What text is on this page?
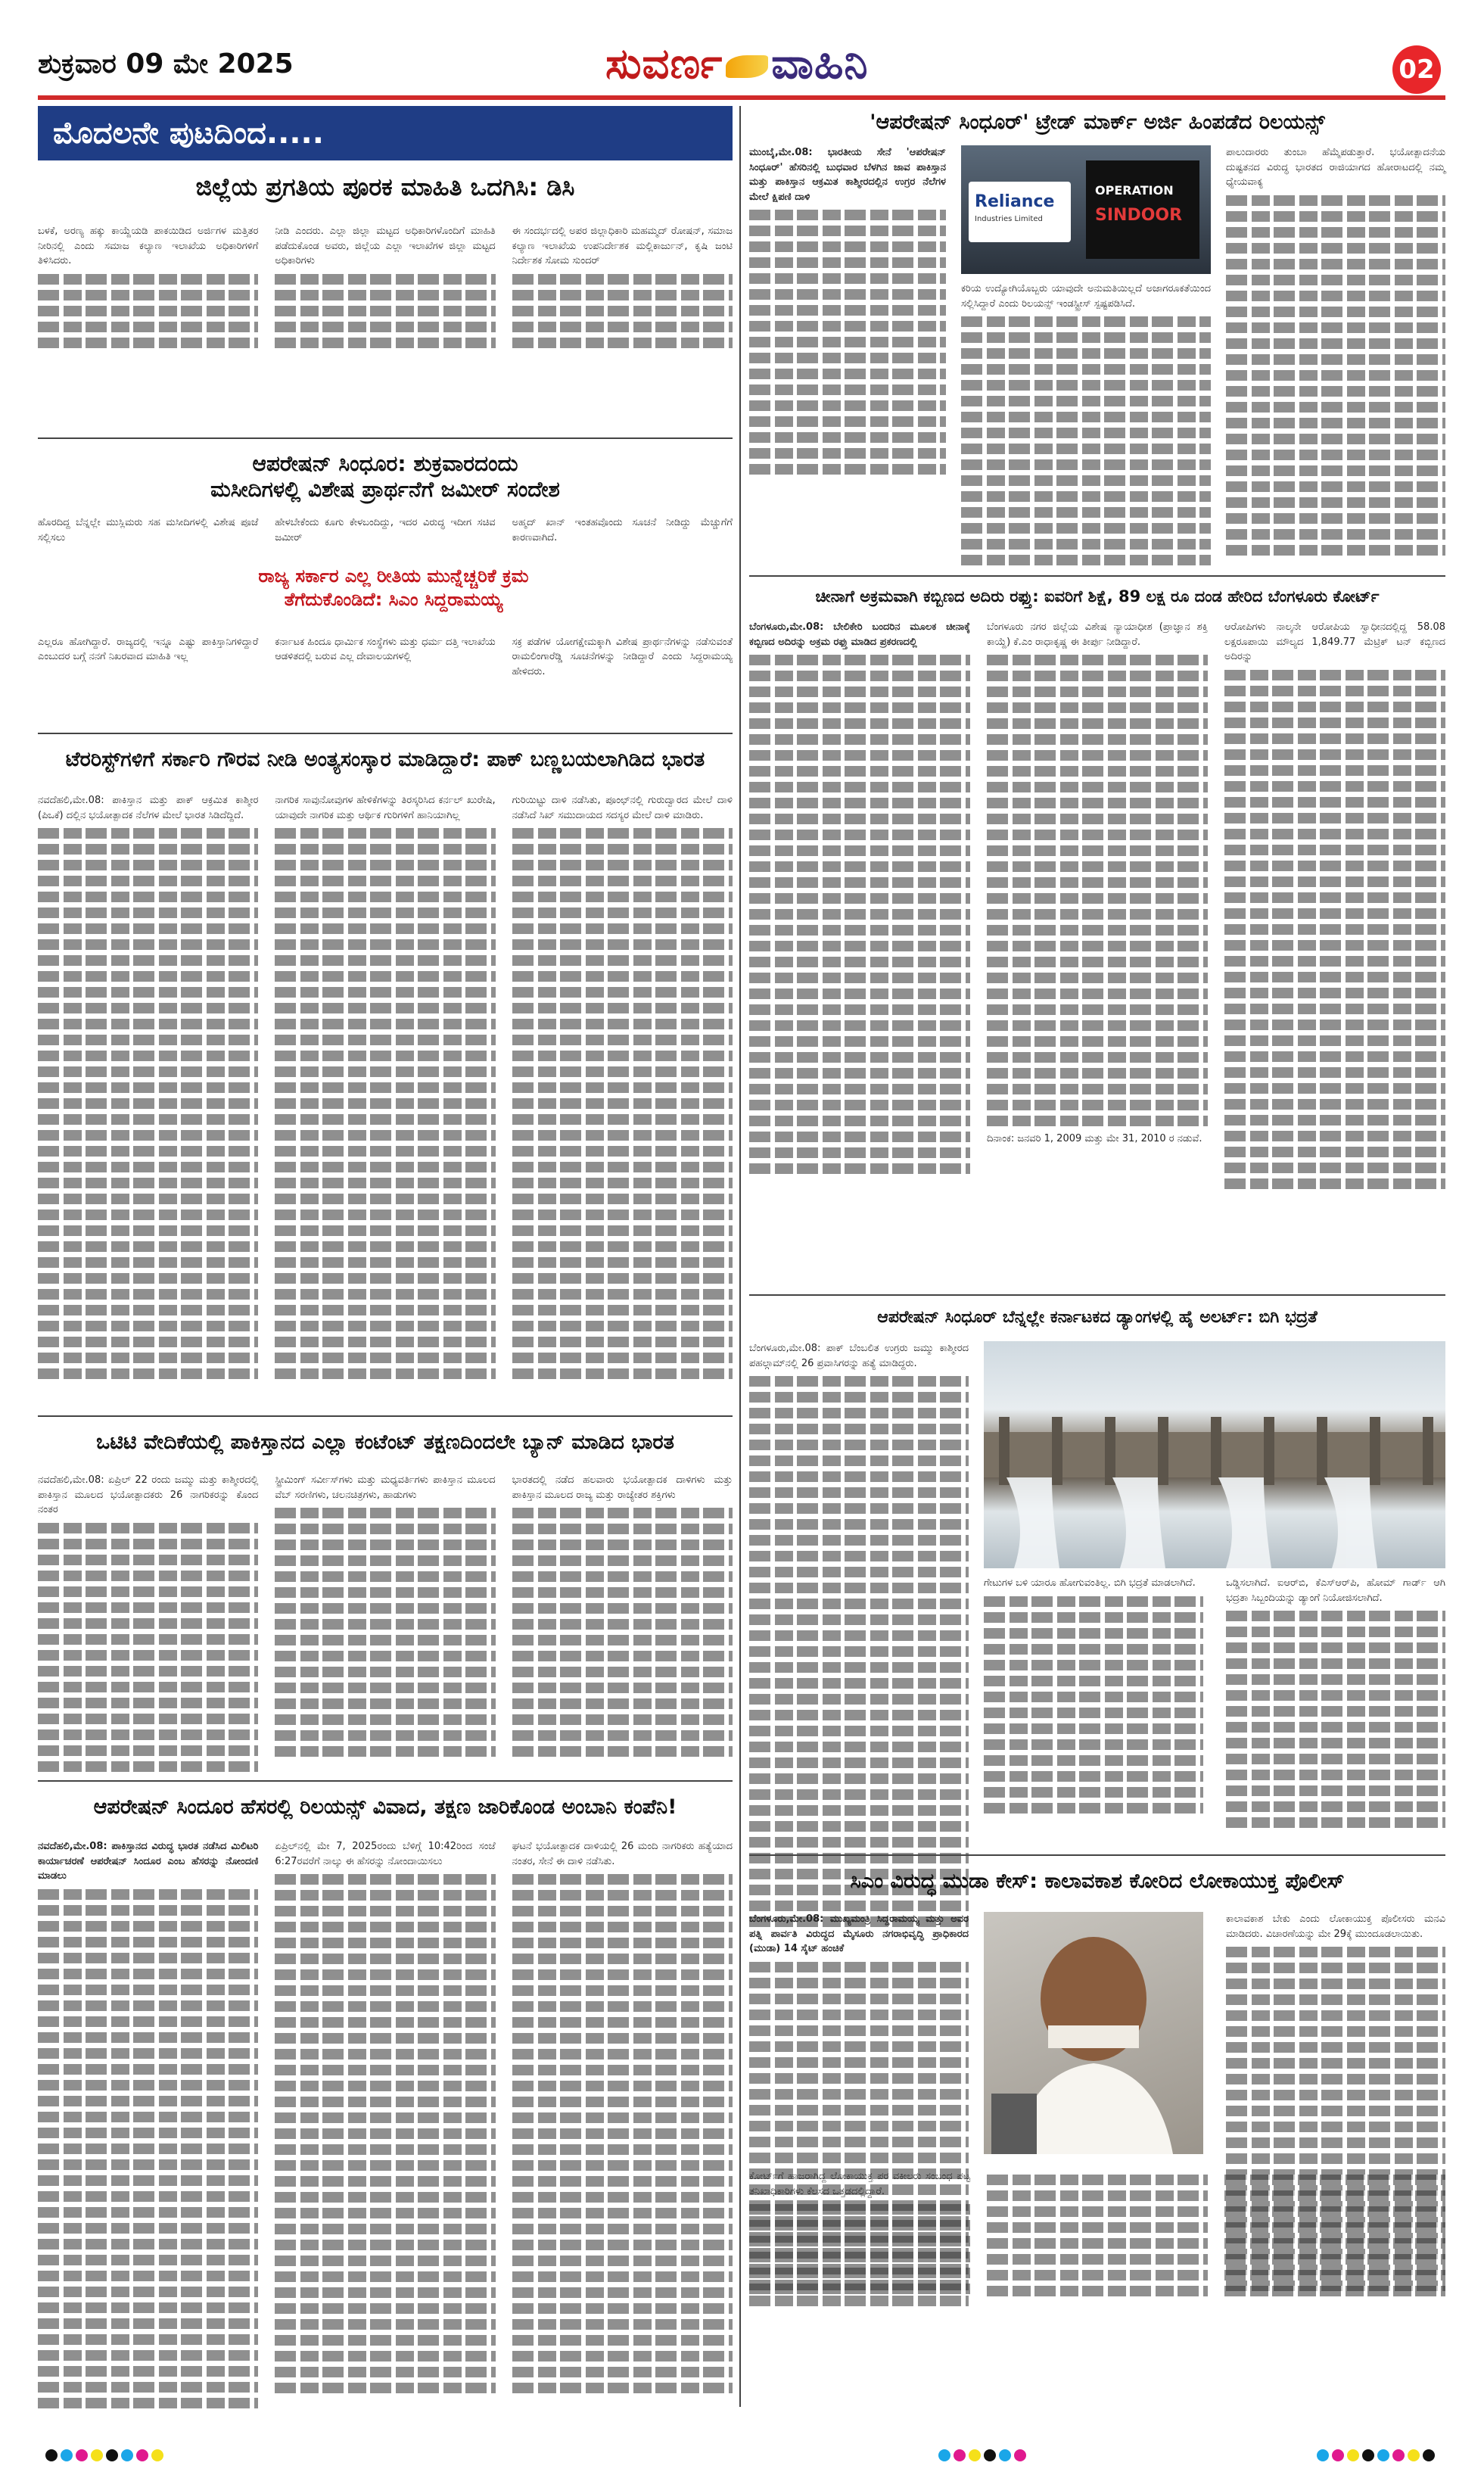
ಶುಕ್ರವಾರ 09 ಮೇ 2025	ಸುವರ್ಣ ವಾಹಿನಿ	02
ಮೊದಲನೇ ಪುಟದಿಂದ.....
ಜಿಲ್ಲೆಯ ಪ್ರಗತಿಯ ಪೂರಕ ಮಾಹಿತಿ ಒದಗಿಸಿ: ಡಿಸಿ

ಬಳಕೆ, ಅರಣ್ಯ ಹಕ್ಕು ಕಾಯ್ದೆಯಡಿ ಪಾಕಯಿಡಿದ ಅರ್ಜಿಗಳ ಮತ್ತಿತರ ನೀರಿನಲ್ಲಿ ಎಂದು ಸಮಾಜ ಕಲ್ಯಾಣ ಇಲಾಖೆಯ ಅಧಿಕಾರಿಗಳಿಗೆ ತಿಳಿಸಿದರು.

ನೀಡಿ ಎಂದರು. ಎಲ್ಲಾ ಜಿಲ್ಲಾ ಮಟ್ಟದ ಅಧಿಕಾರಿಗಳೊಂದಿಗೆ ಮಾಹಿತಿ ಪಡೆದುಕೊಂಡ ಅವರು, ಜಿಲ್ಲೆಯ ಎಲ್ಲಾ ಇಲಾಖೆಗಳ ಜಿಲ್ಲಾ ಮಟ್ಟದ ಅಧಿಕಾರಿಗಳು

ಈ ಸಂದರ್ಭದಲ್ಲಿ ಅಪರ ಜಿಲ್ಲಾಧಿಕಾರಿ ಮಹಮ್ಮದ್ ರೋಷನ್, ಸಮಾಜ ಕಲ್ಯಾಣ ಇಲಾಖೆಯ ಉಪನಿರ್ದೇಶಕ ಮಲ್ಲಿಕಾರ್ಜುನ್, ಕೃಷಿ ಜಂಟಿ ನಿರ್ದೇಶಕ ಸೋಮ ಸುಂದರ್

ಆಪರೇಷನ್ ಸಿಂಧೂರ: ಶುಕ್ರವಾರದಂದು
ಮಸೀದಿಗಳಲ್ಲಿ ವಿಶೇಷ ಪ್ರಾರ್ಥನೆಗೆ ಜಮೀರ್ ಸಂದೇಶ

ಹೊರದಿದ್ದ ಬೆನ್ನಲ್ಲೇ ಮುಸ್ಲಿಮರು ಸಹ ಮಸೀದಿಗಳಲ್ಲಿ ವಿಶೇಷ ಪೂಜೆ ಸಲ್ಲಿಸಲು

ಹೇಳಬೇಕೆಂದು ಕೂಗು ಕೇಳಬಂದಿದ್ದು, ಇದರ ವಿರುದ್ಧ ಇದೀಗ ಸಚಿವ ಜಮೀರ್

ಅಹ್ಮದ್ ಖಾನ್ ಇಂತಹವೊಂದು ಸೂಚನೆ ನೀಡಿದ್ದು ಮೆಚ್ಚುಗೆಗೆ ಕಾರಣವಾಗಿದೆ.

ರಾಜ್ಯ ಸರ್ಕಾರ ಎಲ್ಲ ರೀತಿಯ ಮುನ್ನೆಚ್ಚರಿಕೆ ಕ್ರಮ
ತೆಗೆದುಕೊಂಡಿದೆ: ಸಿಎಂ ಸಿದ್ದರಾಮಯ್ಯ

ಎಲ್ಲರೂ ಹೋಗಿದ್ದಾರೆ. ರಾಜ್ಯದಲ್ಲಿ ಇನ್ನೂ ಎಷ್ಟು ಪಾಕಿಸ್ತಾನಿಗಳಿದ್ದಾರೆ ಎಂಬುದರ ಬಗ್ಗೆ ನನಗೆ ನಿಖರವಾದ ಮಾಹಿತಿ ಇಲ್ಲ

ಕರ್ನಾಟಕ ಹಿಂದೂ ಧಾರ್ಮಿಕ ಸಂಸ್ಥೆಗಳು ಮತ್ತು ಧರ್ಮ ದತ್ತಿ ಇಲಾಖೆಯ ಆಡಳಿತದಲ್ಲಿ ಬರುವ ಎಲ್ಲ ದೇವಾಲಯಗಳಲ್ಲಿ

ಸಕ್ರ ಪಡೆಗಳ ಯೋಗಕ್ಷೇಮಕ್ಕಾಗಿ ವಿಶೇಷ ಪ್ರಾರ್ಥನೆಗಳನ್ನು ನಡೆಸುವಂತೆ ರಾಮಲಿಂಗಾರೆಡ್ಡಿ ಸೂಚನೆಗಳನ್ನು ನೀಡಿದ್ದಾರೆ ಎಂದು ಸಿದ್ದರಾಮಯ್ಯ ಹೇಳಿದರು.

ಟೆರರಿಸ್ಟ್‌ಗಳಿಗೆ ಸರ್ಕಾರಿ ಗೌರವ ನೀಡಿ ಅಂತ್ಯಸಂಸ್ಕಾರ ಮಾಡಿದ್ದಾರೆ: ಪಾಕ್ ಬಣ್ಣಬಯಲಾಗಿಡಿದ ಭಾರತ

ನವದೆಹಲಿ,ಮೇ.08: ಪಾಕಿಸ್ತಾನ ಮತ್ತು ಪಾಕ್ ಆಕ್ರಮಿತ ಕಾಶ್ಮೀರ (ಪಿಒಕೆ) ದಲ್ಲಿನ ಭಯೋತ್ಪಾದಕ ನೆಲೆಗಳ ಮೇಲೆ ಭಾರತ ಸಿಡಿದೆದ್ದಿದೆ.

ನಾಗರಿಕ ಸಾವುನೋವುಗಳ ಹೇಳಿಕೆಗಳನ್ನು ತಿರಸ್ಕರಿಸಿದ ಕರ್ನಲ್ ಖುರೇಷಿ, ಯಾವುದೇ ನಾಗರಿಕ ಮತ್ತು ಆರ್ಥಿಕ ಗುರಿಗಳಿಗೆ ಹಾನಿಯಾಗಿಲ್ಲ

ಗುರಿಯಿಟ್ಟು ದಾಳಿ ನಡೆಸಿತು, ಪೂಂಛ್‌ನಲ್ಲಿ ಗುರುದ್ವಾರದ ಮೇಲೆ ದಾಳಿ ನಡೆಸಿದೆ ಸಿಖ್ ಸಮುದಾಯದ ಸದಸ್ಯರ ಮೇಲೆ ದಾಳಿ ಮಾಡಿರು.

ಒಟಿಟಿ ವೇದಿಕೆಯಲ್ಲಿ ಪಾಕಿಸ್ತಾನದ ಎಲ್ಲಾ ಕಂಟೆಂಟ್ ತಕ್ಷಣದಿಂದಲೇ ಬ್ಯಾನ್ ಮಾಡಿದ ಭಾರತ

ನವದೆಹಲಿ,ಮೇ.08: ಏಪ್ರಿಲ್ 22 ರಂದು ಜಮ್ಮು ಮತ್ತು ಕಾಶ್ಮೀರದಲ್ಲಿ ಪಾಕಿಸ್ತಾನ ಮೂಲದ ಭಯೋತ್ಪಾದಕರು 26 ನಾಗರಿಕರನ್ನು ಕೊಂದ ನಂತರ

ಸ್ಟ್ರೀಮಿಂಗ್ ಸರ್ವೀಸ್‌ಗಳು ಮತ್ತು ಮಧ್ಯವರ್ತಿಗಳು ಪಾಕಿಸ್ತಾನ ಮೂಲದ ವೆಬ್ ಸರಣಿಗಳು, ಚಲನಚಿತ್ರಗಳು, ಹಾಡುಗಳು

ಭಾರತದಲ್ಲಿ ನಡೆದ ಹಲವಾರು ಭಯೋತ್ಪಾದಕ ದಾಳಿಗಳು ಮತ್ತು ಪಾಕಿಸ್ತಾನ ಮೂಲದ ರಾಜ್ಯ ಮತ್ತು ರಾಜ್ಯೇತರ ಶಕ್ತಿಗಳು

ಆಪರೇಷನ್ ಸಿಂದೂರ ಹೆಸರಲ್ಲಿ ರಿಲಯನ್ಸ್ ವಿವಾದ, ತಕ್ಷಣ ಜಾರಿಕೊಂಡ ಅಂಬಾನಿ ಕಂಪೆನಿ!

ನವದೆಹಲಿ,ಮೇ.08: ಪಾಕಿಸ್ತಾನದ ವಿರುದ್ಧ ಭಾರತ ನಡೆಸಿದ ಮಿಲಿಟರಿ ಕಾರ್ಯಾಚರಣೆ ಆಪರೇಷನ್ ಸಿಂದೂರ ಎಂಬ ಹೆಸರನ್ನು ನೋಂದಣಿ ಮಾಡಲು

ಏಪ್ರಿಲ್‌ನಲ್ಲಿ ಮೇ 7, 2025ರಂದು ಬೆಳಿಗ್ಗೆ 10:42ರಿಂದ ಸಂಜೆ 6:27ರವರೆಗೆ ನಾಲ್ಕು ಈ ಹೆಸರನ್ನು ನೋಂದಾಯಿಸಲು

ಘಟನೆ ಭಯೋತ್ಪಾದಕ ದಾಳಿಯಲ್ಲಿ 26 ಮಂದಿ ನಾಗರಿಕರು ಹತ್ಯೆಯಾದ ನಂತರ, ಸೇನೆ ಈ ದಾಳಿ ನಡೆಸಿತು.

'ಆಪರೇಷನ್ ಸಿಂಧೂರ್' ಟ್ರೇಡ್ ಮಾರ್ಕ್ ಅರ್ಜಿ ಹಿಂಪಡೆದ ರಿಲಯನ್ಸ್

ಮುಂಬೈ,ಮೇ.08: ಭಾರತೀಯ ಸೇನೆ 'ಆಪರೇಷನ್ ಸಿಂಧೂರ್' ಹೆಸರಿನಲ್ಲಿ ಬುಧವಾರ ಬೆಳಗಿನ ಜಾವ ಪಾಕಿಸ್ತಾನ ಮತ್ತು ಪಾಕಿಸ್ತಾನ ಆಕ್ರಮಿತ ಕಾಶ್ಮೀರದಲ್ಲಿನ ಉಗ್ರರ ನೆಲೆಗಳ ಮೇಲೆ ಕ್ಷಿಪಣಿ ದಾಳಿ	Reliance
Industries Limited
OPERATION
SINDOOR

ಕರಿಯ ಉದ್ಯೋಗಿಯೊಬ್ಬರು ಯಾವುದೇ ಅನುಮತಿಯಿಲ್ಲದೆ ಅಜಾಗರೂಕತೆಯಿಂದ ಸಲ್ಲಿಸಿದ್ದಾರೆ ಎಂದು ರಿಲಯನ್ಸ್ ಇಂಡಸ್ಟ್ರೀಸ್ ಸ್ಪಷ್ಟಪಡಿಸಿದೆ.

ಪಾಲುದಾರರು ತುಂಬಾ ಹೆಮ್ಮೆಪಡುತ್ತಾರೆ. ಭಯೋತ್ಪಾದನೆಯ ದುಷ್ಟತನದ ವಿರುದ್ಧ ಭಾರತದ ರಾಜಿಯಾಗದ ಹೋರಾಟದಲ್ಲಿ ನಮ್ಮ ಧ್ಯೇಯವಾಕ್ಯ

ಚೀನಾಗೆ ಅಕ್ರಮವಾಗಿ ಕಬ್ಬಿಣದ ಅದಿರು ರಫ್ತು: ಐವರಿಗೆ ಶಿಕ್ಷೆ, 89 ಲಕ್ಷ ರೂ ದಂಡ ಹೇರಿದ ಬೆಂಗಳೂರು ಕೋರ್ಟ್

ಬೆಂಗಳೂರು,ಮೇ.08: ಬೇಲಿಕೇರಿ ಬಂದರಿನ ಮೂಲಕ ಚೀನಾಕ್ಕೆ ಕಬ್ಬಿಣದ ಅದಿರನ್ನು ಅಕ್ರಮ ರಫ್ತು ಮಾಡಿದ ಪ್ರಕರಣದಲ್ಲಿ

ಬೆಂಗಳೂರು ನಗರ ಜಿಲ್ಲೆಯ ವಿಶೇಷ ನ್ಯಾಯಾಧೀಶ (ಪ್ರಾಜ್ಞಾನ ಶಕ್ತಿ ಕಾಯ್ದೆ) ಕೆ.ಎಂ ರಾಧಾಕೃಷ್ಣ ಈ ತೀರ್ಪು ನೀಡಿದ್ದಾರೆ.

ದಿನಾಂಕ: ಜನವರಿ 1, 2009 ಮತ್ತು ಮೇ 31, 2010 ರ ನಡುವೆ.

ಆರೋಪಿಗಳು ನಾಲ್ಕನೇ ಆರೋಪಿಯ ಸ್ವಾಧೀನದಲ್ಲಿದ್ದ 58.08 ಲಕ್ಷರೂಪಾಯಿ ಮೌಲ್ಯದ 1,849.77 ಮೆಟ್ರಿಕ್ ಟನ್ ಕಬ್ಬಿಣದ ಅದಿರನ್ನು

ಆಪರೇಷನ್ ಸಿಂಧೂರ್ ಬೆನ್ನಲ್ಲೇ ಕರ್ನಾಟಕದ ಡ್ಯಾಂಗಳಲ್ಲಿ ಹೈ ಅಲರ್ಟ್: ಬಿಗಿ ಭದ್ರತೆ

ಬೆಂಗಳೂರು,ಮೇ.08: ಪಾಕ್ ಬೆಂಬಲಿತ ಉಗ್ರರು ಜಮ್ಮು ಕಾಶ್ಮೀರದ ಪಹಲ್ಗಾಮ್‌ನಲ್ಲಿ 26 ಪ್ರವಾಸಿಗರನ್ನು ಹತ್ಯೆ ಮಾಡಿದ್ದರು.

ಗೇಟುಗಳ ಬಳಿ ಯಾರೂ ಹೋಗುವಂತಿಲ್ಲ. ಬಿಗಿ ಭದ್ರತೆ ಮಾಡಲಾಗಿದೆ.	ಒಡ್ಡಿಸಲಾಗಿದೆ. ಐಆರ್‌ಬಿ, ಕೆಎಸ್‌ಆರ್‌ಪಿ, ಹೋಮ್ ಗಾರ್ಡ್ ಆಗಿ ಭದ್ರತಾ ಸಿಬ್ಬಂದಿಯನ್ನು ಡ್ಯಾಂಗೆ ನಿಯೋಜಿಸಲಾಗಿದೆ.

ಸಿಎಂ ವಿರುದ್ಧ ಮುಡಾ ಕೇಸ್: ಕಾಲಾವಕಾಶ ಕೋರಿದ ಲೋಕಾಯುಕ್ತ ಪೊಲೀಸ್

ಬೆಂಗಳೂರು,ಮೇ.08: ಮುಖ್ಯಮಂತ್ರಿ ಸಿದ್ದರಾಮಯ್ಯ ಮತ್ತು ಅವರ ಪತ್ನಿ ಪಾರ್ವತಿ ವಿರುದ್ಧದ ಮೈಸೂರು ನಗರಾಭಿವೃದ್ಧಿ ಪ್ರಾಧಿಕಾರದ (ಮುಡಾ) 14 ಸೈಟ್ ಹಂಚಿಕೆ

ಕಾಲಾವಕಾಶ ಬೇಕು ಎಂದು ಲೋಕಾಯುಕ್ತ ಪೊಲೀಸರು ಮನವಿ ಮಾಡಿದರು. ವಿಚಾರಣೆಯನ್ನು ಮೇ 29ಕ್ಕೆ ಮುಂದೂಡಲಾಯಿತು.

ಕೋರ್ಟ್‌ಗೆ ಹಾಜರಾಗಿದ್ದ ಲೋಕಾಯುಕ್ತ ಪರ ವಕೀಲರು ಸಂಬಂಧ ಪಟ್ಟ ತನಿಖಾಧಿಕಾರಿಗಳು ಕೆಲಸದ ಒತ್ತಡದಲ್ಲಿದ್ದಾರೆ.
